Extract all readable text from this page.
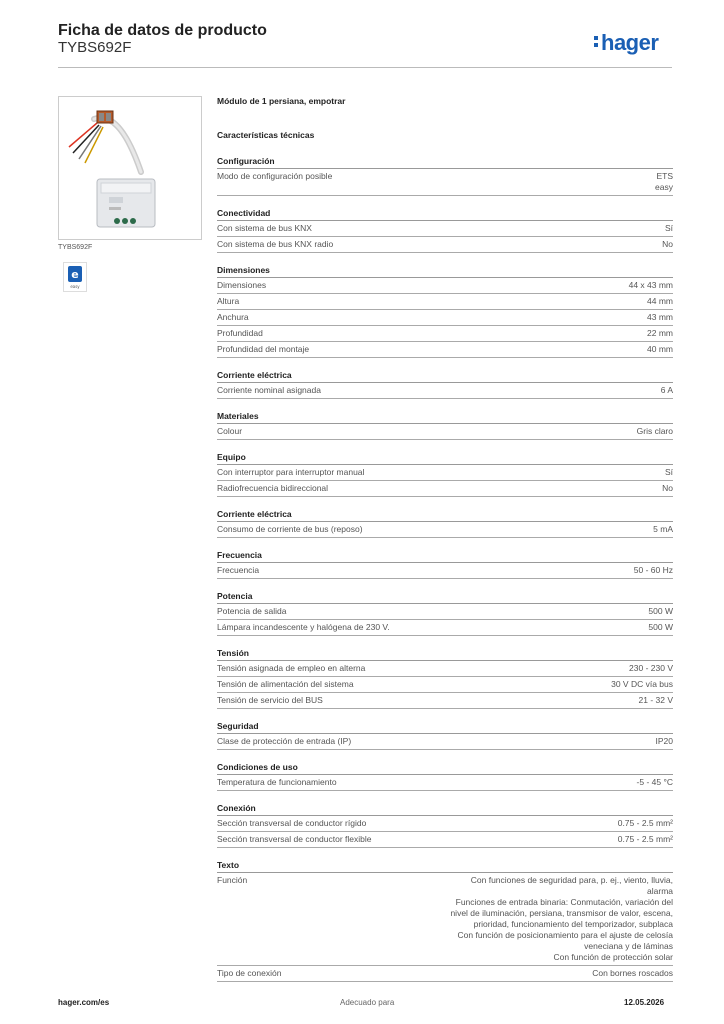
Ficha de datos de producto
TYBS692F	hager
TYBS692F
e
easy
Módulo de 1 persiana, empotrar
Características técnicas
Configuración
Modo de configuración posible	ETS
easy
Conectividad
Con sistema de bus KNX	Sí
Con sistema de bus KNX radio	No
Dimensiones
Dimensiones	44 x 43 mm
Altura	44 mm
Anchura	43 mm
Profundidad	22 mm
Profundidad del montaje	40 mm
Corriente eléctrica
Corriente nominal asignada	6 A
Materiales
Colour	Gris claro
Equipo
Con interruptor para interruptor manual	Sí
Radiofrecuencia bidireccional	No
Corriente eléctrica
Consumo de corriente de bus (reposo)	5 mA
Frecuencia
Frecuencia	50 - 60 Hz
Potencia
Potencia de salida	500 W
Lámpara incandescente y halógena de 230 V.	500 W
Tensión
Tensión asignada de empleo en alterna	230 - 230 V
Tensión de alimentación del sistema	30 V DC vía bus
Tensión de servicio del BUS	21 - 32 V
Seguridad
Clase de protección de entrada (IP)	IP20
Condiciones de uso
Temperatura de funcionamiento	-5 - 45 °C
Conexión
Sección transversal de conductor rígido	0.75 - 2.5 mm²
Sección transversal de conductor flexible	0.75 - 2.5 mm²
Texto
Función	Con funciones de seguridad para, p. ej., viento, lluvia,
alarma
Funciones de entrada binaria: Conmutación, variación del
nivel de iluminación, persiana, transmisor de valor, escena,
prioridad, funcionamiento del temporizador, subplaca
Con función de posicionamiento para el ajuste de celosía
veneciana y de láminas
Con función de protección solar
Tipo de conexión	Con bornes roscados
hager.com/es	Adecuado para	12.05.2026
